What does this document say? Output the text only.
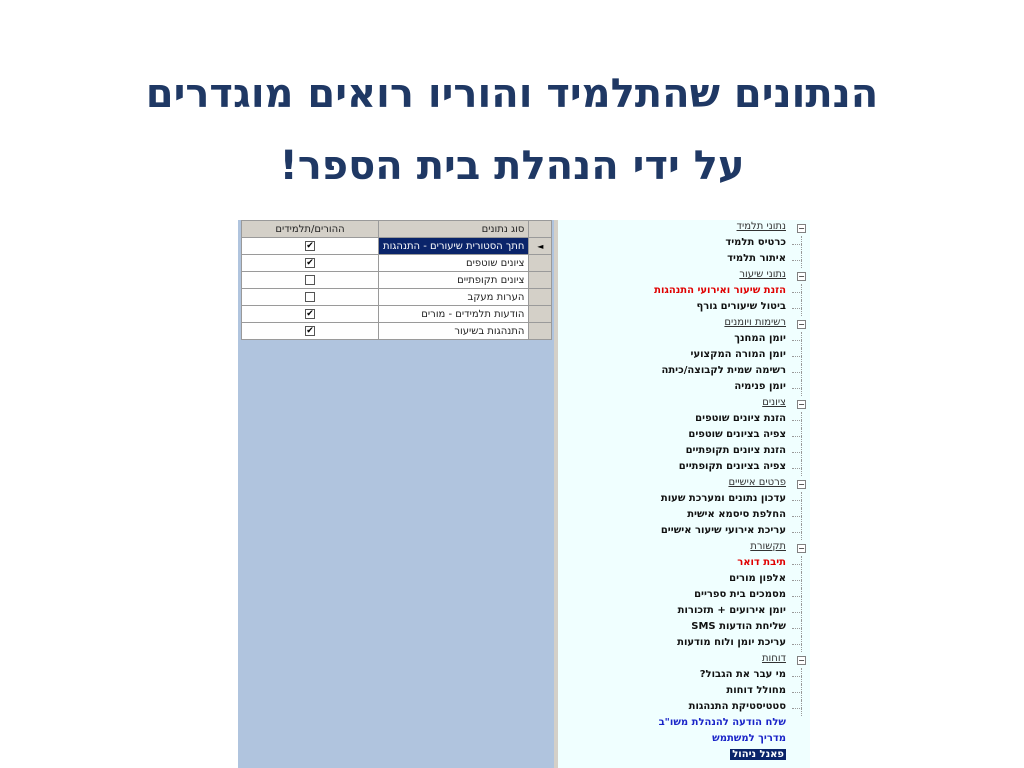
הנתונים שהתלמיד והוריו רואים מוגדרים
על ידי הנהלת בית הספר!
	סוג נתונים	ההורים/תלמידים
◄	חתך הסטורית שיעורים - התנהגות	✔
	ציונים שוטפים	✔
	ציונים תקופתיים	
	הערות מעקב	
	הודעות תלמידים - מורים	✔
	התנהגות בשיעור	✔
−
נתוני תלמיד
כרטיס תלמיד
איתור תלמיד
−
נתוני שיעור
הזנת שיעור ואירועי התנהגות
ביטול שיעורים גורף
−
רשימות ויומנים
יומן המחנך
יומן המורה המקצועי
רשימה שמית לקבוצה/כיתה
יומן פנימיה
−
ציונים
הזנת ציונים שוטפים
צפיה בציונים שוטפים
הזנת ציונים תקופתיים
צפיה בציונים תקופתיים
−
פרטים אישיים
עדכון נתונים ומערכת שעות
החלפת סיסמא אישית
עריכת אירועי שיעור אישיים
−
תקשורת
תיבת דואר
אלפון מורים
מסמכים בית ספריים
יומן אירועים + תזכורות
שליחת הודעות SMS
עריכת יומן ולוח מודעות
−
דוחות
מי עבר את הגבול?
מחולל דוחות
סטטיסטיקת התנהגות
שלח הודעה להנהלת משו"ב
מדריך למשתמש
פאנל ניהול
